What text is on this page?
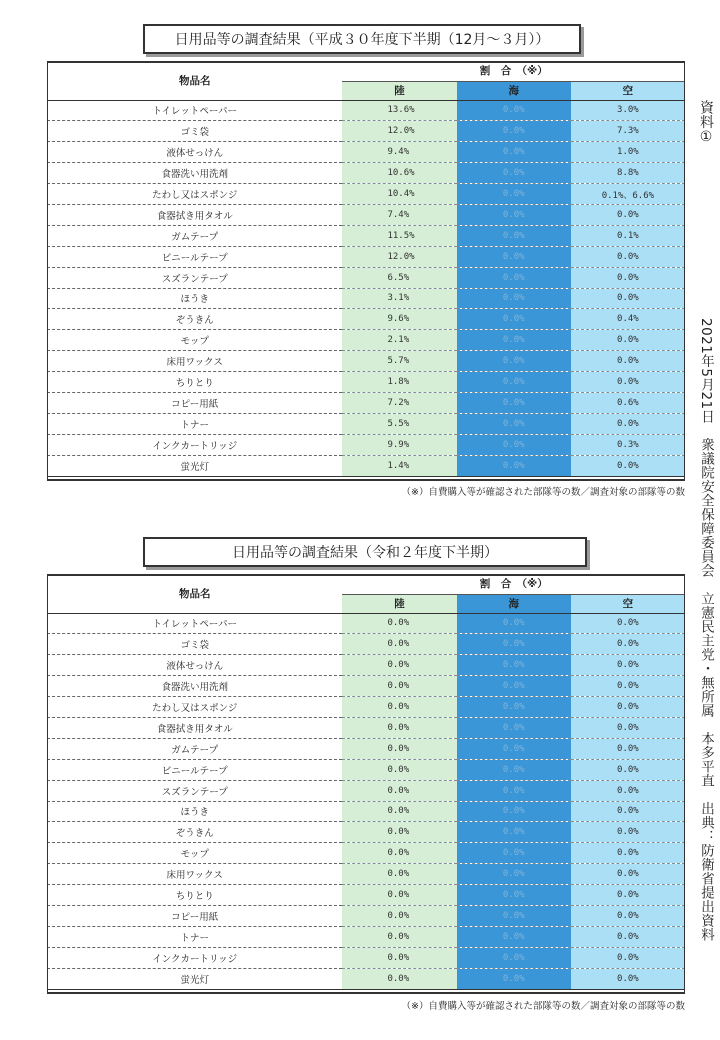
日用品等の調査結果（平成３０年度下半期（12月～３月））
物品名	割　合　（※）		
	陸	海	空
トイレットペーパー	13.6%	0.0%	3.0%
ゴミ袋	12.0%	0.0%	7.3%
液体せっけん	9.4%	0.0%	1.0%
食器洗い用洗剤	10.6%	0.0%	8.8%
たわし又はスポンジ	10.4%	0.0%	0.1%、6.6%
食器拭き用タオル	7.4%	0.0%	0.0%
ガムテープ	11.5%	0.0%	0.1%
ビニールテープ	12.0%	0.0%	0.0%
スズランテープ	6.5%	0.0%	0.0%
ほうき	3.1%	0.0%	0.0%
ぞうきん	9.6%	0.0%	0.4%
モップ	2.1%	0.0%	0.0%
床用ワックス	5.7%	0.0%	0.0%
ちりとり	1.8%	0.0%	0.0%
コピー用紙	7.2%	0.0%	0.6%
トナー	5.5%	0.0%	0.0%
インクカートリッジ	9.9%	0.0%	0.3%
蛍光灯	1.4%	0.0%	0.0%
（※）自費購入等が確認された部隊等の数／調査対象の部隊等の数
日用品等の調査結果（令和２年度下半期）
物品名	割　合　（※）		
	陸	海	空
トイレットペーパー	0.0%	0.0%	0.0%
ゴミ袋	0.0%	0.0%	0.0%
液体せっけん	0.0%	0.0%	0.0%
食器洗い用洗剤	0.0%	0.0%	0.0%
たわし又はスポンジ	0.0%	0.0%	0.0%
食器拭き用タオル	0.0%	0.0%	0.0%
ガムテープ	0.0%	0.0%	0.0%
ビニールテープ	0.0%	0.0%	0.0%
スズランテープ	0.0%	0.0%	0.0%
ほうき	0.0%	0.0%	0.0%
ぞうきん	0.0%	0.0%	0.0%
モップ	0.0%	0.0%	0.0%
床用ワックス	0.0%	0.0%	0.0%
ちりとり	0.0%	0.0%	0.0%
コピー用紙	0.0%	0.0%	0.0%
トナー	0.0%	0.0%	0.0%
インクカートリッジ	0.0%	0.0%	0.0%
蛍光灯	0.0%	0.0%	0.0%
（※）自費購入等が確認された部隊等の数／調査対象の部隊等の数
資料①
2021年5月21日　衆議院安全保障委員会　立憲民主党・無所属　本多平直　出典：防衛省提出資料
